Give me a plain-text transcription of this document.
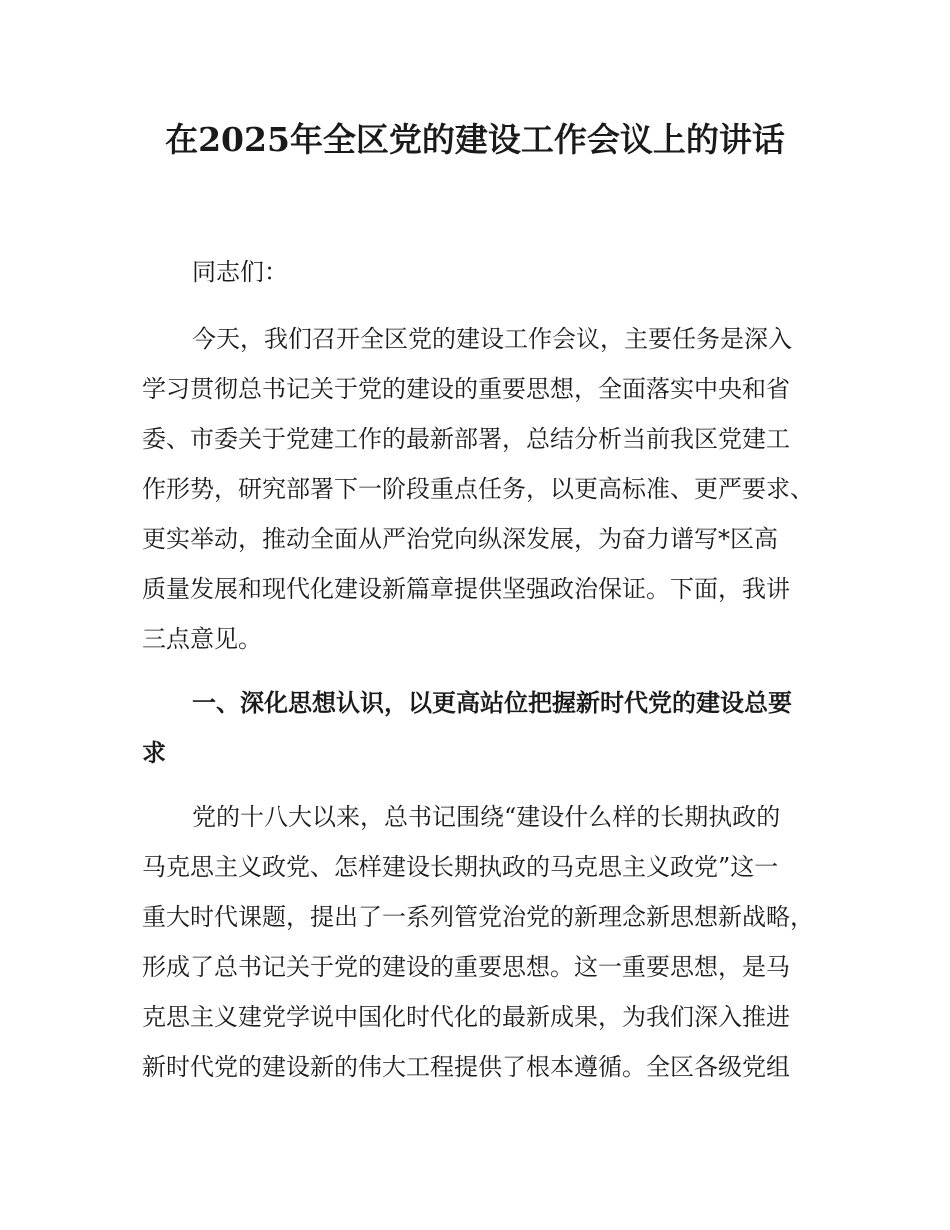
在2025年全区党的建设工作会议上的讲话

同志们：

今天，我们召开全区党的建设工作会议，主要任务是深入

学习贯彻总书记关于党的建设的重要思想，全面落实中央和省

委、市委关于党建工作的最新部署，总结分析当前我区党建工

作形势，研究部署下一阶段重点任务，以更高标准、更严要求、

更实举动，推动全面从严治党向纵深发展，为奋力谱写*区高

质量发展和现代化建设新篇章提供坚强政治保证。下面，我讲

三点意见。

一、深化思想认识，以更高站位把握新时代党的建设总要

求

党的十八大以来，总书记围绕“建设什么样的长期执政的

马克思主义政党、怎样建设长期执政的马克思主义政党”这一

重大时代课题，提出了一系列管党治党的新理念新思想新战略，

形成了总书记关于党的建设的重要思想。这一重要思想，是马

克思主义建党学说中国化时代化的最新成果，为我们深入推进

新时代党的建设新的伟大工程提供了根本遵循。全区各级党组
